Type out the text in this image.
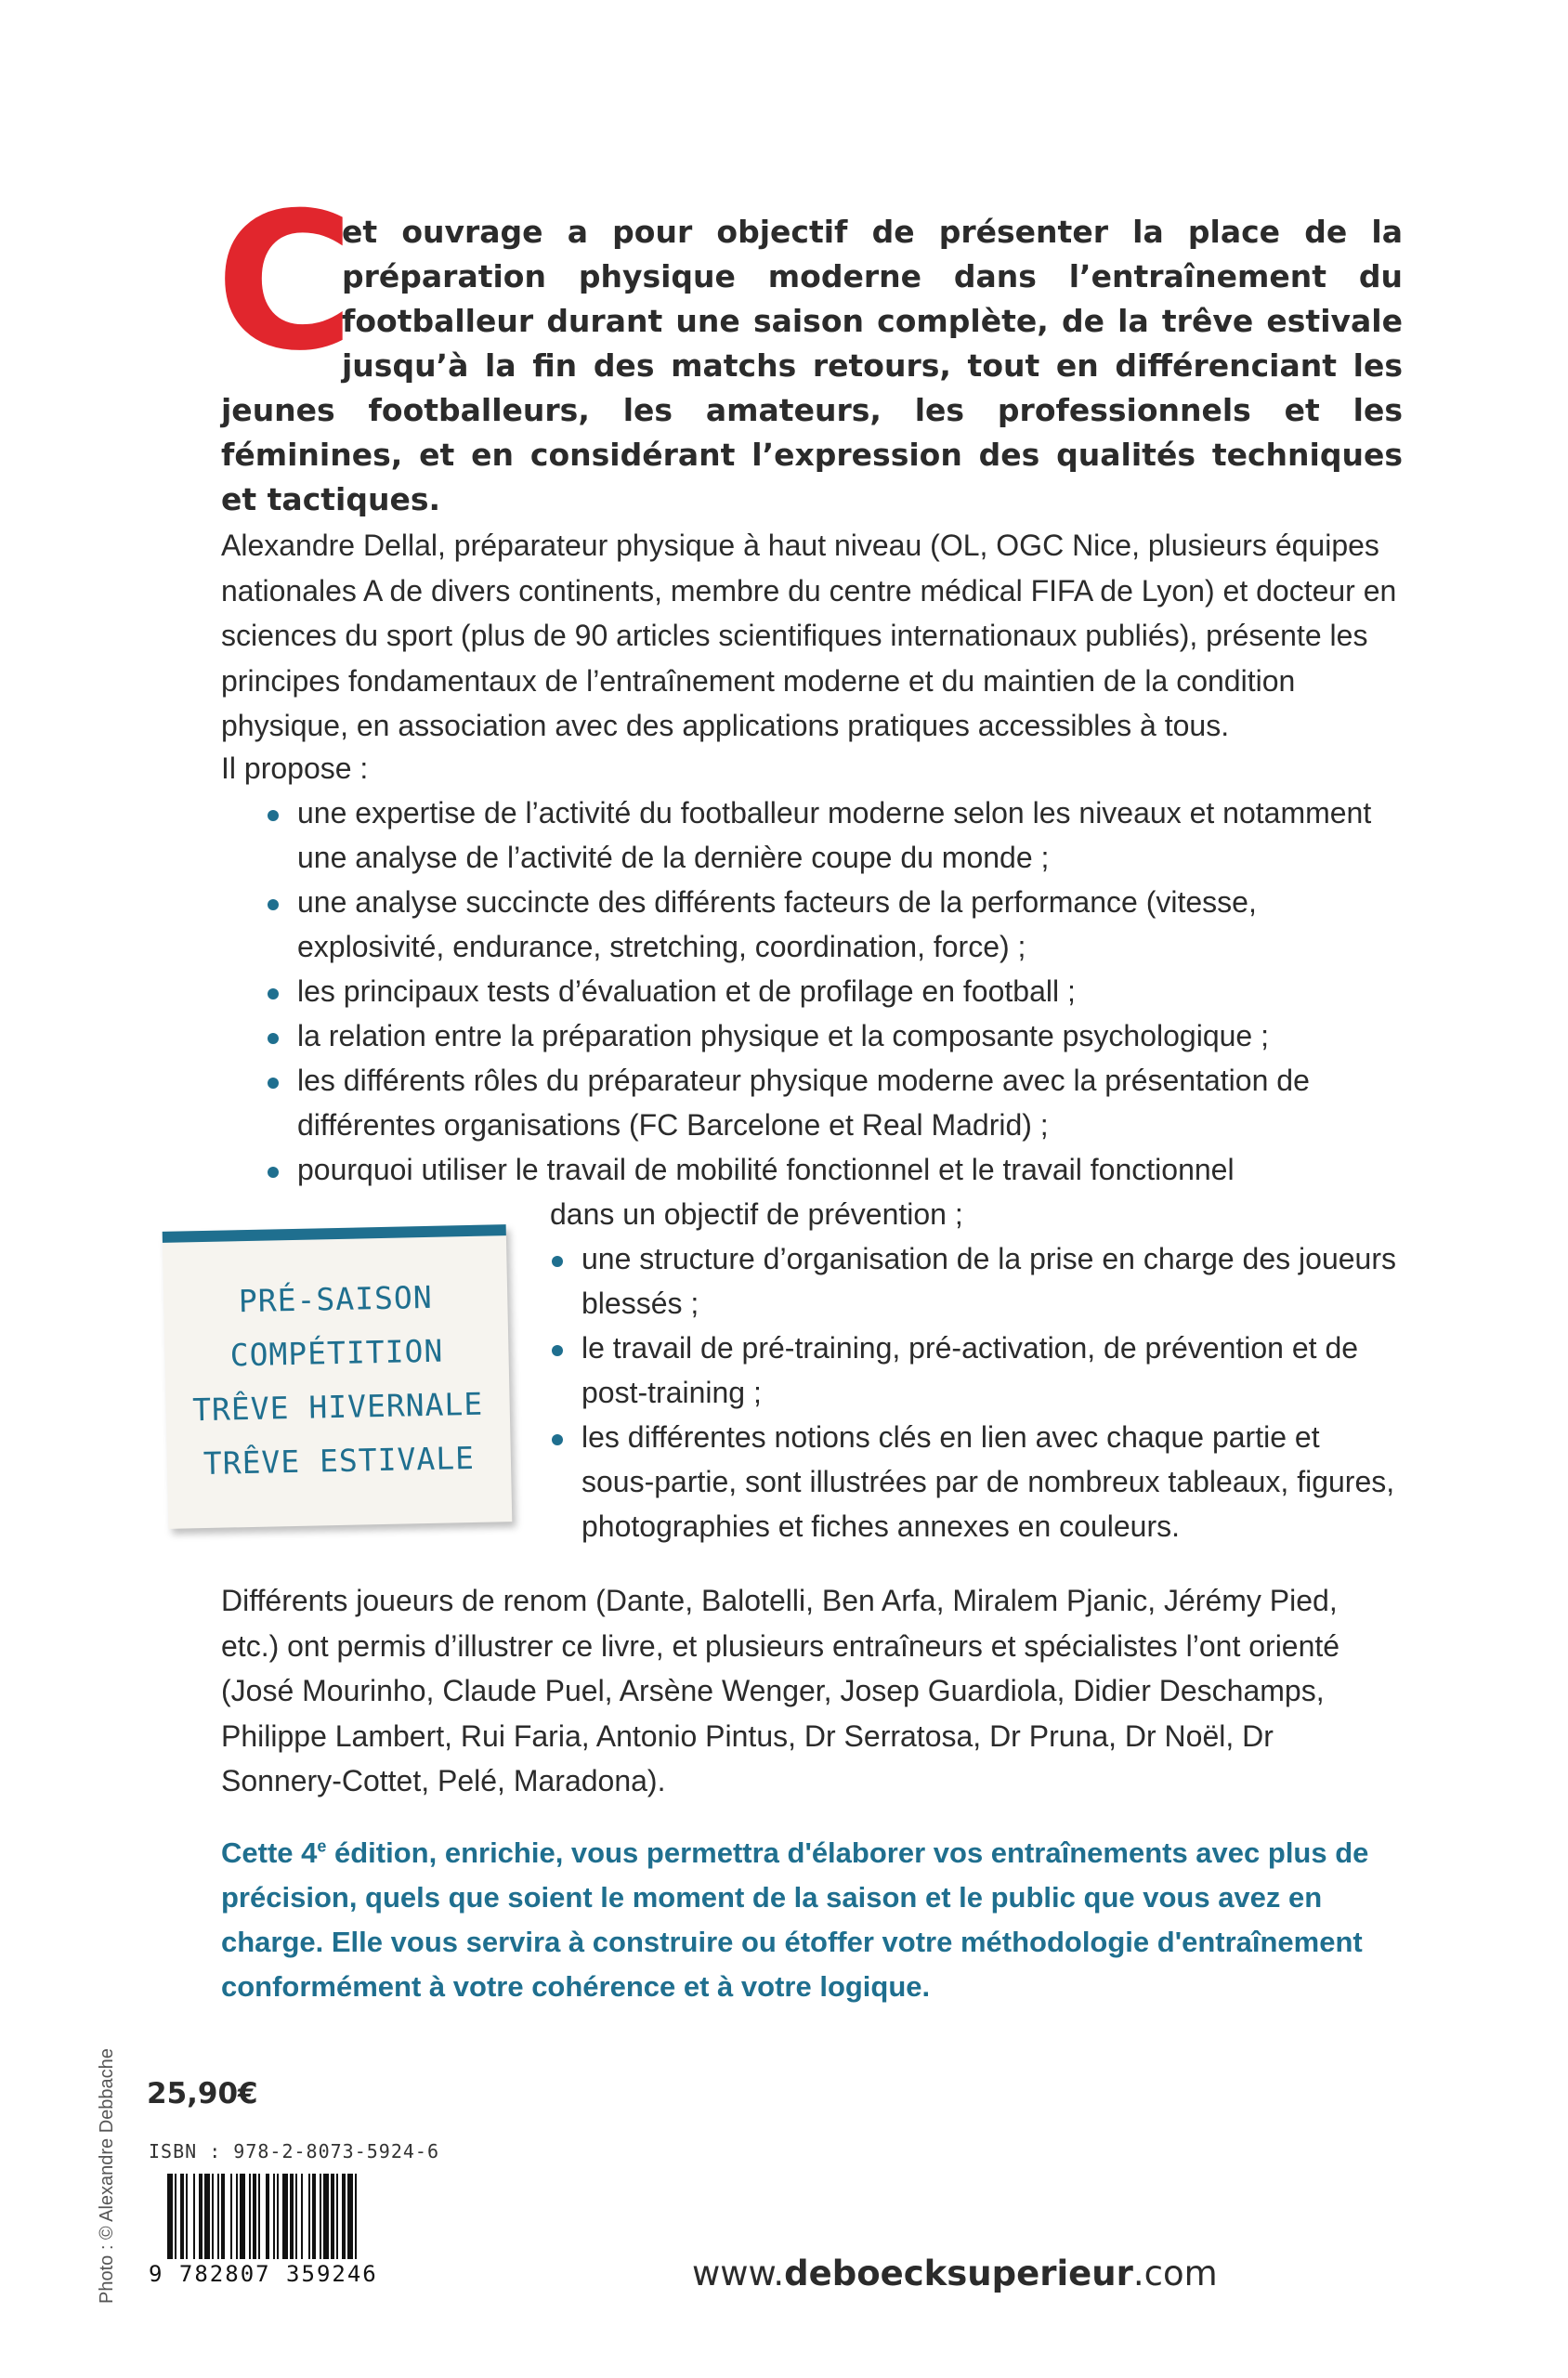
C
et ouvrage a pour objectif de présenter la place de la préparation physique moderne dans l’entraînement du footballeur durant une saison complète, de la trêve estivale jusqu’à la fin des matchs retours, tout en différenciant les jeunes footballeurs, les amateurs, les professionnels et les féminines, et en considérant l’expression des qualités techniques et tactiques.

Alexandre Dellal, préparateur physique à haut niveau (OL, OGC Nice, plusieurs équipes nationales A de divers continents, membre du centre médical FIFA de Lyon) et docteur en sciences du sport (plus de 90 articles scientifiques internationaux publiés), présente les principes fondamentaux de l’entraînement moderne et du maintien de la condition physique, en association avec des applications pratiques accessibles à tous.

Il propose :
une expertise de l’activité du footballeur moderne selon les niveaux et notamment une analyse de l’activité de la dernière coupe du monde ;
une analyse succincte des différents facteurs de la performance (vitesse, explosivité, endurance, stretching, coordination, force) ;
les principaux tests d’évaluation et de profilage en football ;
la relation entre la préparation physique et la composante psychologique ;
les différents rôles du préparateur physique moderne avec la présentation de différentes organisations (FC Barcelone et Real Madrid) ;
pourquoi utiliser le travail de mobilité fonctionnel et le travail fonctionnel
dans un objectif de prévention ;
une structure d’organisation de la prise en charge des joueurs blessés ;
le travail de pré-training, pré-activation, de prévention et de post-training ;
les différentes notions clés en lien avec chaque partie et sous-partie, sont illustrées par de nombreux tableaux, figures, photographies et fiches annexes en couleurs.
PRÉ-SAISON
COMPÉTITION
TRÊVE HIVERNALE
TRÊVE ESTIVALE

Différents joueurs de renom (Dante, Balotelli, Ben Arfa, Miralem Pjanic, Jérémy Pied, etc.) ont permis d’illustrer ce livre, et plusieurs entraîneurs et spécialistes l’ont orienté (José Mourinho, Claude Puel, Arsène Wenger, Josep Guardiola, Didier Deschamps, Philippe Lambert, Rui Faria, Antonio Pintus, Dr Serratosa, Dr Pruna, Dr Noël, Dr Sonnery-Cottet, Pelé, Maradona).

Cette 4e édition, enrichie, vous permettra d'élaborer vos entraînements avec plus de précision, quels que soient le moment de la saison et le public que vous avez en charge. Elle vous servira à construire ou étoffer votre méthodologie d'entraînement conformément à votre cohérence et à votre logique.

Photo : © Alexandre Debbache 25,90€
ISBN : 978-2-8073-5924-6
9 782807 359246	www.deboecksuperieur.com
